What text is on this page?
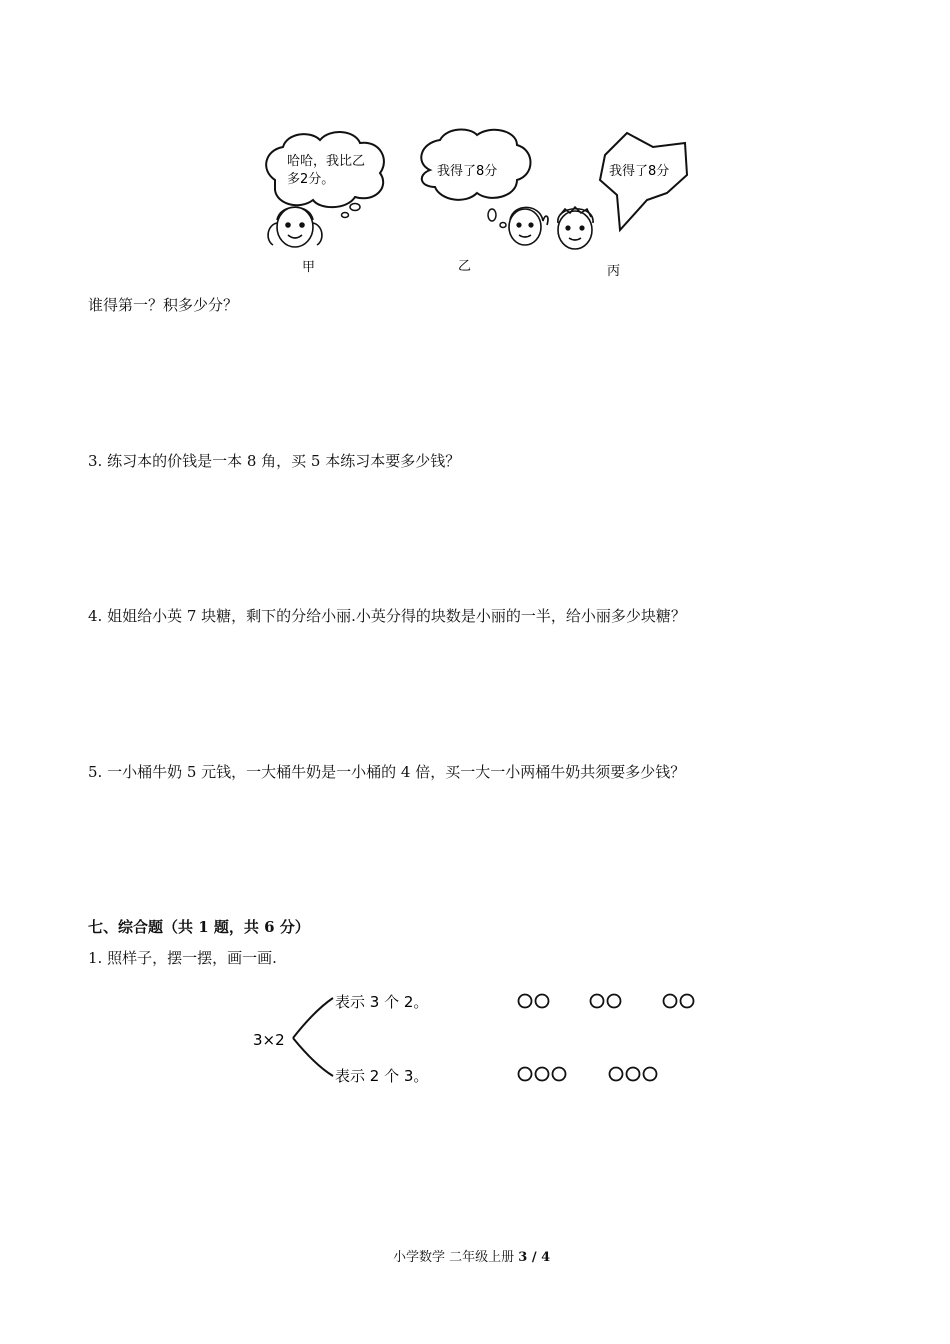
哈哈，我比乙
多2分。
甲
我得了8分
乙
我得了8分
丙
谁得第一？积多少分？
3. 练习本的价钱是一本 8 角，买 5 本练习本要多少钱？
4. 姐姐给小英 7 块糖，剩下的分给小丽.小英分得的块数是小丽的一半，给小丽多少块糖？
5. 一小桶牛奶 5 元钱，一大桶牛奶是一小桶的 4 倍，买一大一小两桶牛奶共须要多少钱？
七、综合题（共 1 题，共 6 分）
1. 照样子，摆一摆，画一画.
3×2
表示 3 个 2。
表示 2 个 3。
小学数学 二年级上册 3 / 4
